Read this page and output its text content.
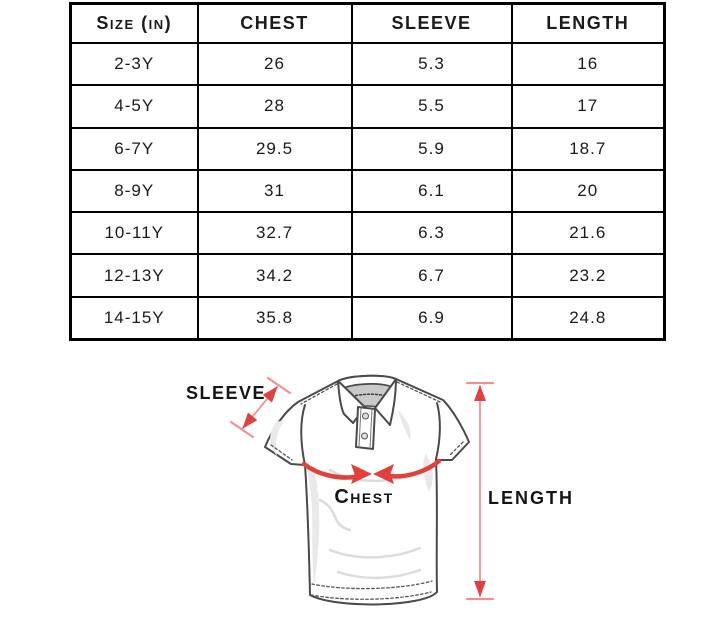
Size (in)	CHEST	SLEEVE	LENGTH
2-3Y	26	5.3	16
4-5Y	28	5.5	17
6-7Y	29.5	5.9	18.7
8-9Y	31	6.1	20
10-11Y	32.7	6.3	21.6
12-13Y	34.2	6.7	23.2
14-15Y	35.8	6.9	24.8
SLEEVE
Chest	LENGTH
